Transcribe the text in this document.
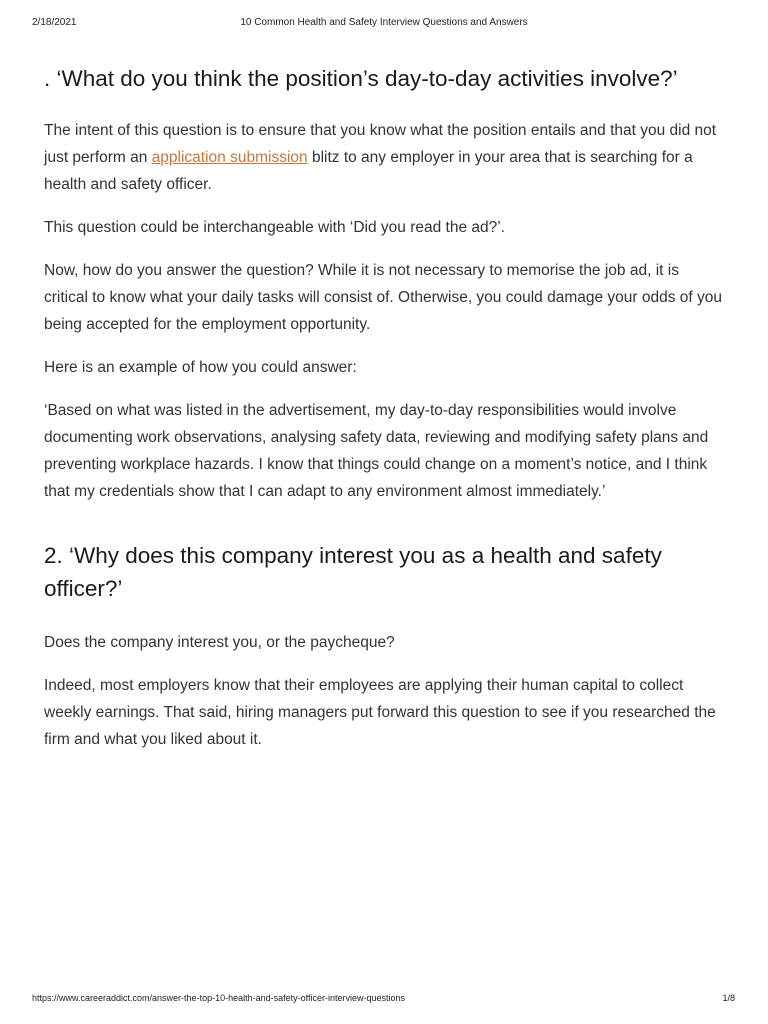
2/18/2021	10 Common Health and Safety Interview Questions and Answers
. ‘What do you think the position’s day-to-day activities involve?’

The intent of this question is to ensure that you know what the position entails and that you did not just perform an application submission blitz to any employer in your area that is searching for a health and safety officer.

This question could be interchangeable with ‘Did you read the ad?’.

Now, how do you answer the question? While it is not necessary to memorise the job ad, it is critical to know what your daily tasks will consist of. Otherwise, you could damage your odds of you being accepted for the employment opportunity.

Here is an example of how you could answer:

‘Based on what was listed in the advertisement, my day-to-day responsibilities would involve documenting work observations, analysing safety data, reviewing and modifying safety plans and preventing workplace hazards. I know that things could change on a moment’s notice, and I think that my credentials show that I can adapt to any environment almost immediately.’

2. ‘Why does this company interest you as a health and safety officer?’

Does the company interest you, or the paycheque?

Indeed, most employers know that their employees are applying their human capital to collect weekly earnings. That said, hiring managers put forward this question to see if you researched the firm and what you liked about it.

https://www.careeraddict.com/answer-the-top-10-health-and-safety-officer-interview-questions	1/8
